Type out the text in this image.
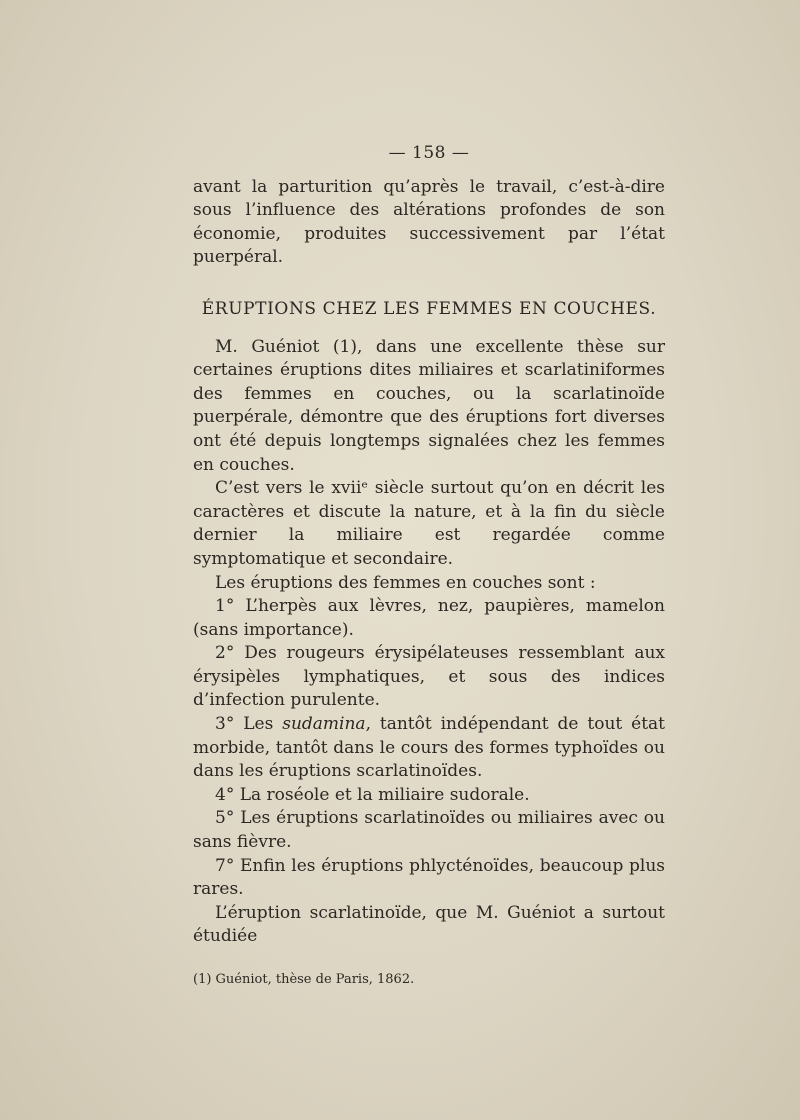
— 158 —

avant la parturition qu’après le travail, c’est-à-dire sous l’influence des altérations profondes de son économie, produites successivement par l’état puerpéral.

ÉRUPTIONS CHEZ LES FEMMES EN COUCHES.

M. Guéniot (1), dans une excellente thèse sur certaines éruptions dites miliaires et scarlatiniformes des femmes en couches, ou la scarlatinoïde puerpérale, démontre que des éruptions fort diverses ont été depuis longtemps signalées chez les femmes en couches.

C’est vers le xviiᵉ siècle surtout qu’on en décrit les caractères et discute la nature, et à la fin du siècle dernier la miliaire est regardée comme symptomatique et secondaire.

Les éruptions des femmes en couches sont :

1° L’herpès aux lèvres, nez, paupières, mamelon (sans importance).

2° Des rougeurs érysipélateuses ressemblant aux érysipèles lymphatiques, et sous des indices d’infection purulente.

3° Les sudamina, tantôt indépendant de tout état morbide, tantôt dans le cours des formes typhoïdes ou dans les éruptions scarlatinoïdes.

4° La roséole et la miliaire sudorale.

5° Les éruptions scarlatinoïdes ou miliaires avec ou sans fièvre.

7° Enfin les éruptions phlycténoïdes, beaucoup plus rares.

L’éruption scarlatinoïde, que M. Guéniot a surtout étudiée

(1) Guéniot, thèse de Paris, 1862.
